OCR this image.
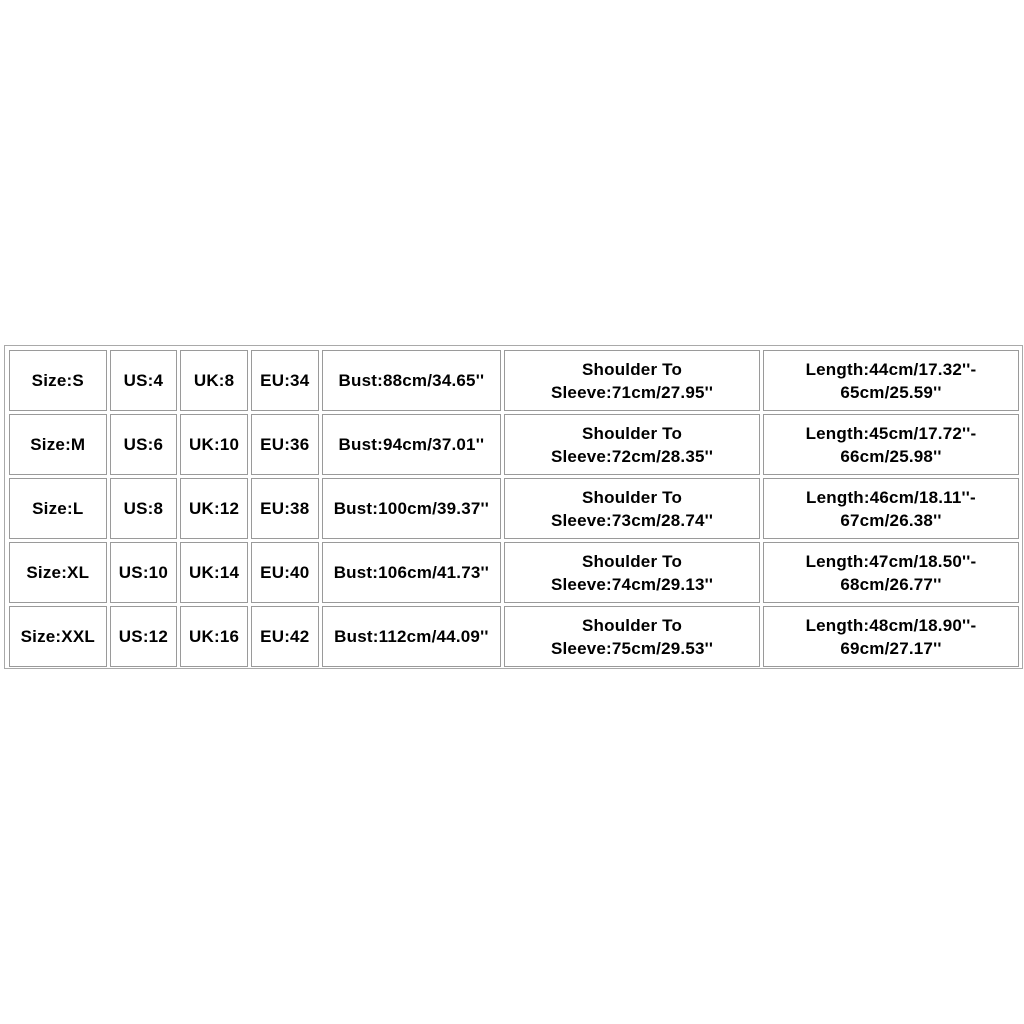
Size:S	US:4	UK:8	EU:34	Bust:88cm/34.65''	Shoulder To
Sleeve:71cm/27.95''	Length:44cm/17.32''-
65cm/25.59''
Size:M	US:6	UK:10	EU:36	Bust:94cm/37.01''	Shoulder To
Sleeve:72cm/28.35''	Length:45cm/17.72''-
66cm/25.98''
Size:L	US:8	UK:12	EU:38	Bust:100cm/39.37''	Shoulder To
Sleeve:73cm/28.74''	Length:46cm/18.11''-
67cm/26.38''
Size:XL	US:10	UK:14	EU:40	Bust:106cm/41.73''	Shoulder To
Sleeve:74cm/29.13''	Length:47cm/18.50''-
68cm/26.77''
Size:XXL	US:12	UK:16	EU:42	Bust:112cm/44.09''	Shoulder To
Sleeve:75cm/29.53''	Length:48cm/18.90''-
69cm/27.17''
